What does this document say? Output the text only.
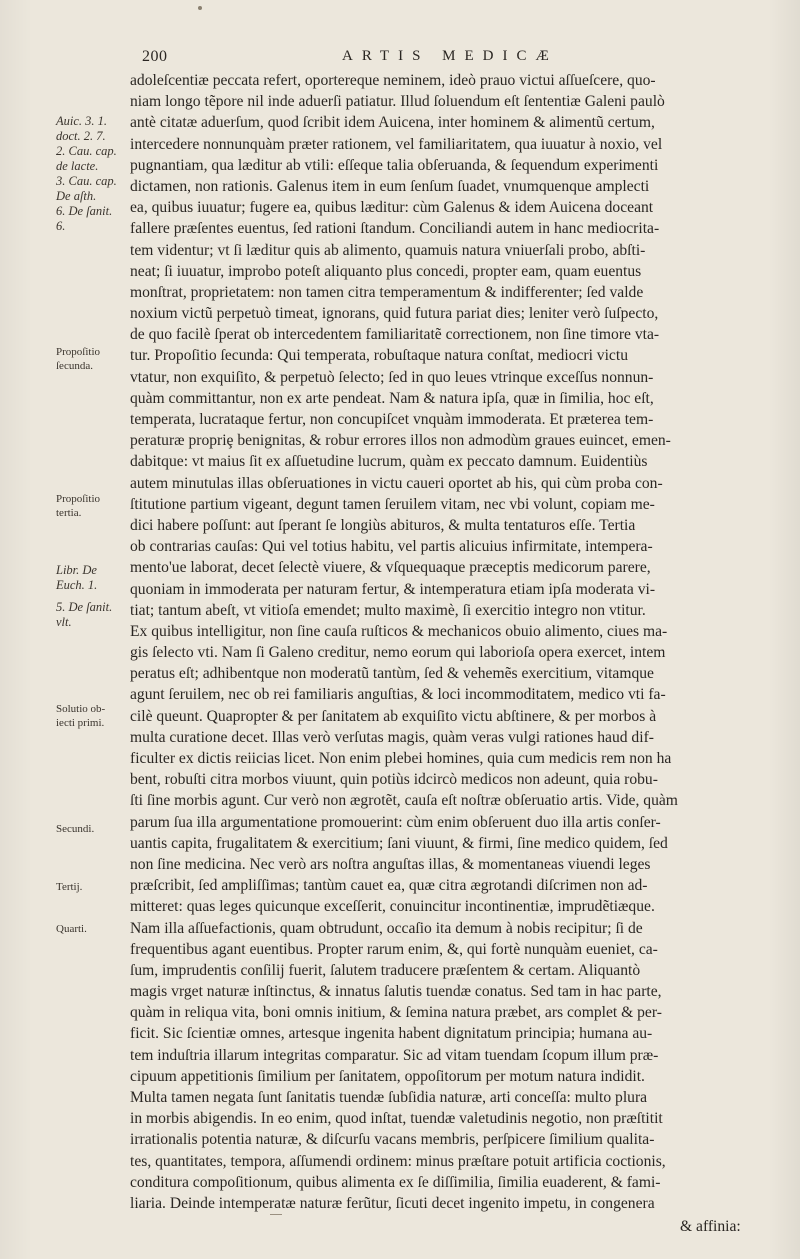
200	ARTIS MEDICÆ
Auic. 3. 1.
doct. 2. 7.
2. Cau. cap.
de lacte.
3. Cau. cap.
De aſth.
6. De ſanit.
6.
Propoſitio
ſecunda.
Propoſitio
tertia.
Libr. De
Euch. 1.
5. De ſanit.
vlt.
Solutio ob-
iecti primi.
Secundi.
Tertij.
Quarti.
adoleſcentiæ peccata refert, oportereque neminem, ideò prauo victui aſſueſcere, quo-
niam longo tẽpore nil inde aduerſi patiatur. Illud ſoluendum eſt ſententiæ Galeni paulò
antè citatæ aduerſum, quod ſcribit idem Auicena, inter hominem & alimentũ certum,
intercedere nonnunquàm præter rationem, vel familiaritatem, qua iuuatur à noxio, vel
pugnantiam, qua læditur ab vtili: eſſeque talia obſeruanda, & ſequendum experimenti
dictamen, non rationis. Galenus item in eum ſenſum ſuadet, vnumquenque amplecti
ea, quibus iuuatur; fugere ea, quibus læditur: cùm Galenus & idem Auicena doceant
fallere præſentes euentus, ſed rationi ſtandum. Conciliandi autem in hanc mediocrita-
tem videntur; vt ſi læditur quis ab alimento, quamuis natura vniuerſali probo, abſti-
neat; ſi iuuatur, improbo poteſt aliquanto plus concedi, propter eam, quam euentus
monſtrat, proprietatem: non tamen citra temperamentum & indifferenter; ſed valde
noxium victũ perpetuò timeat, ignorans, quid futura pariat dies; leniter verò ſuſpecto,
de quo facilè ſperat ob intercedentem familiaritatẽ correctionem, non ſine timore vta-
tur. Propoſitio ſecunda: Qui temperata, robuſtaque natura conſtat, mediocri victu
vtatur, non exquiſito, & perpetuò ſelecto; ſed in quo leues vtrinque exceſſus nonnun-
quàm committantur, non ex arte pendeat. Nam & natura ipſa, quæ in ſimilia, hoc eſt,
temperata, lucrataque fertur, non concupiſcet vnquàm immoderata. Et præterea tem-
peraturæ propriȩ benignitas, & robur errores illos non admodùm graues euincet, emen-
dabitque: vt maius ſit ex aſſuetudine lucrum, quàm ex peccato damnum. Euidentiùs
autem minutulas illas obſeruationes in victu caueri oportet ab his, qui cùm proba con-
ſtitutione partium vigeant, degunt tamen ſeruilem vitam, nec vbi volunt, copiam me-
dici habere poſſunt: aut ſperant ſe longiùs abituros, & multa tentaturos eſſe. Tertia
ob contrarias cauſas: Qui vel totius habitu, vel partis alicuius infirmitate, intempera-
mento'ue laborat, decet ſelectè viuere, & vſquequaque præceptis medicorum parere,
quoniam in immoderata per naturam fertur, & intemperatura etiam ipſa moderata vi-
tiat; tantum abeſt, vt vitioſa emendet; multo maximè, ſi exercitio integro non vtitur.
Ex quibus intelligitur, non ſine cauſa ruſticos & mechanicos obuio alimento, ciues ma-
gis ſelecto vti. Nam ſi Galeno creditur, nemo eorum qui laborioſa opera exercet, intem
peratus eſt; adhibentque non moderatũ tantùm, ſed & vehemẽs exercitium, vitamque
agunt ſeruilem, nec ob rei familiaris anguſtias, & loci incommoditatem, medico vti fa-
cilè queunt. Quapropter & per ſanitatem ab exquiſito victu abſtinere, & per morbos à
multa curatione decet. Illas verò verſutas magis, quàm veras vulgi rationes haud dif-
ficulter ex dictis reiicias licet. Non enim plebei homines, quia cum medicis rem non ha
bent, robuſti citra morbos viuunt, quin potiùs idcircò medicos non adeunt, quia robu-
ſti ſine morbis agunt. Cur verò non ægrotẽt, cauſa eſt noſtræ obſeruatio artis. Vide, quàm
parum ſua illa argumentatione promouerint: cùm enim obſeruent duo illa artis conſer-
uantis capita, frugalitatem & exercitium; ſani viuunt, & firmi, ſine medico quidem, ſed
non ſine medicina. Nec verò ars noſtra anguſtas illas, & momentaneas viuendi leges
præſcribit, ſed ampliſſimas; tantùm cauet ea, quæ citra ægrotandi diſcrimen non ad-
mitteret: quas leges quicunque exceſſerit, conuincitur incontinentiæ, imprudẽtiæque.
Nam illa aſſuefactionis, quam obtrudunt, occaſio ita demum à nobis recipitur; ſi de
frequentibus agant euentibus. Propter rarum enim, &, qui fortè nunquàm eueniet, ca-
ſum, imprudentis conſilij fuerit, ſalutem traducere præſentem & certam. Aliquantò
magis vrget naturæ inſtinctus, & innatus ſalutis tuendæ conatus. Sed tam in hac parte,
quàm in reliqua vita, boni omnis initium, & ſemina natura præbet, ars complet & per-
ficit. Sic ſcientiæ omnes, artesque ingenita habent dignitatum principia; humana au-
tem induſtria illarum integritas comparatur. Sic ad vitam tuendam ſcopum illum præ-
cipuum appetitionis ſimilium per ſanitatem, oppoſitorum per motum natura indidit.
Multa tamen negata ſunt ſanitatis tuendæ ſubſidia naturæ, arti conceſſa: multo plura
in morbis abigendis. In eo enim, quod inſtat, tuendæ valetudinis negotio, non præſtitit
irrationalis potentia naturæ, & diſcurſu vacans membris, perſpicere ſimilium qualita-
tes, quantitates, tempora, aſſumendi ordinem: minus præſtare potuit artificia coctionis,
conditura compoſitionum, quibus alimenta ex ſe diſſimilia, ſimilia euaderent, & fami-
liaria. Deinde intemperatæ naturæ ferũtur, ſicuti decet ingenito impetu, in congenera
& affinia:
